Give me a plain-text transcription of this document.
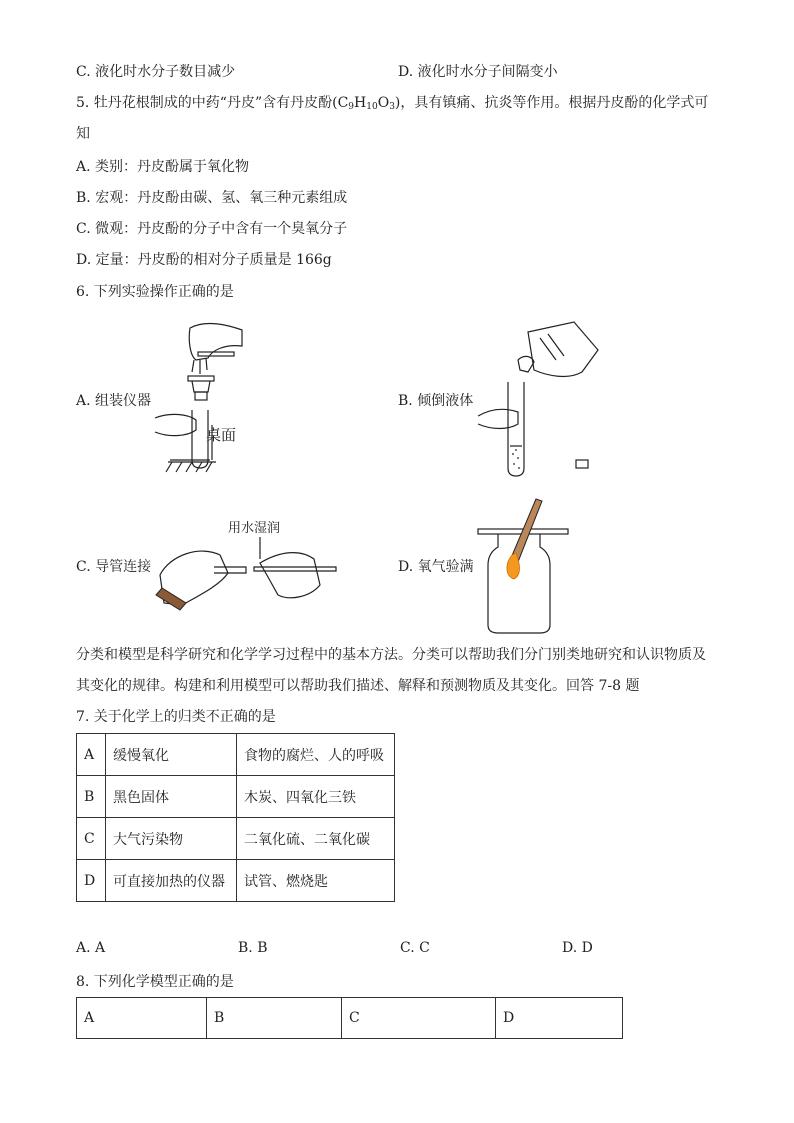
C. 液化时水分子数目减少	D. 液化时水分子间隔变小
5. 牡丹花根制成的中药“丹皮”含有丹皮酚$(C_9H_{10}O_3)$，具有镇痛、抗炎等作用。根据丹皮酚的化学式可知
A. 类别：丹皮酚属于氧化物
B. 宏观：丹皮酚由碳、氢、氧三种元素组成
C. 微观：丹皮酚的分子中含有一个臭氧分子
D. 定量：丹皮酚的相对分子质量是 166g
6. 下列实验操作正确的是
A. 组装仪器	B. 倾倒液体
C. 导管连接	D. 氧气验满
桌面
用水湿润
分类和模型是科学研究和化学学习过程中的基本方法。分类可以帮助我们分门别类地研究和认识物质及其变化的规律。构建和利用模型可以帮助我们描述、解释和预测物质及其变化。回答 7-8 题
7. 关于化学上的归类不正确的是
A	缓慢氧化	食物的腐烂、人的呼吸
B	黑色固体	木炭、四氧化三铁
C	大气污染物	二氧化硫、二氧化碳
D	可直接加热的仪器	试管、燃烧匙
A. A	B. B	C. C	D. D
8. 下列化学模型正确的是
A	B	C	D
